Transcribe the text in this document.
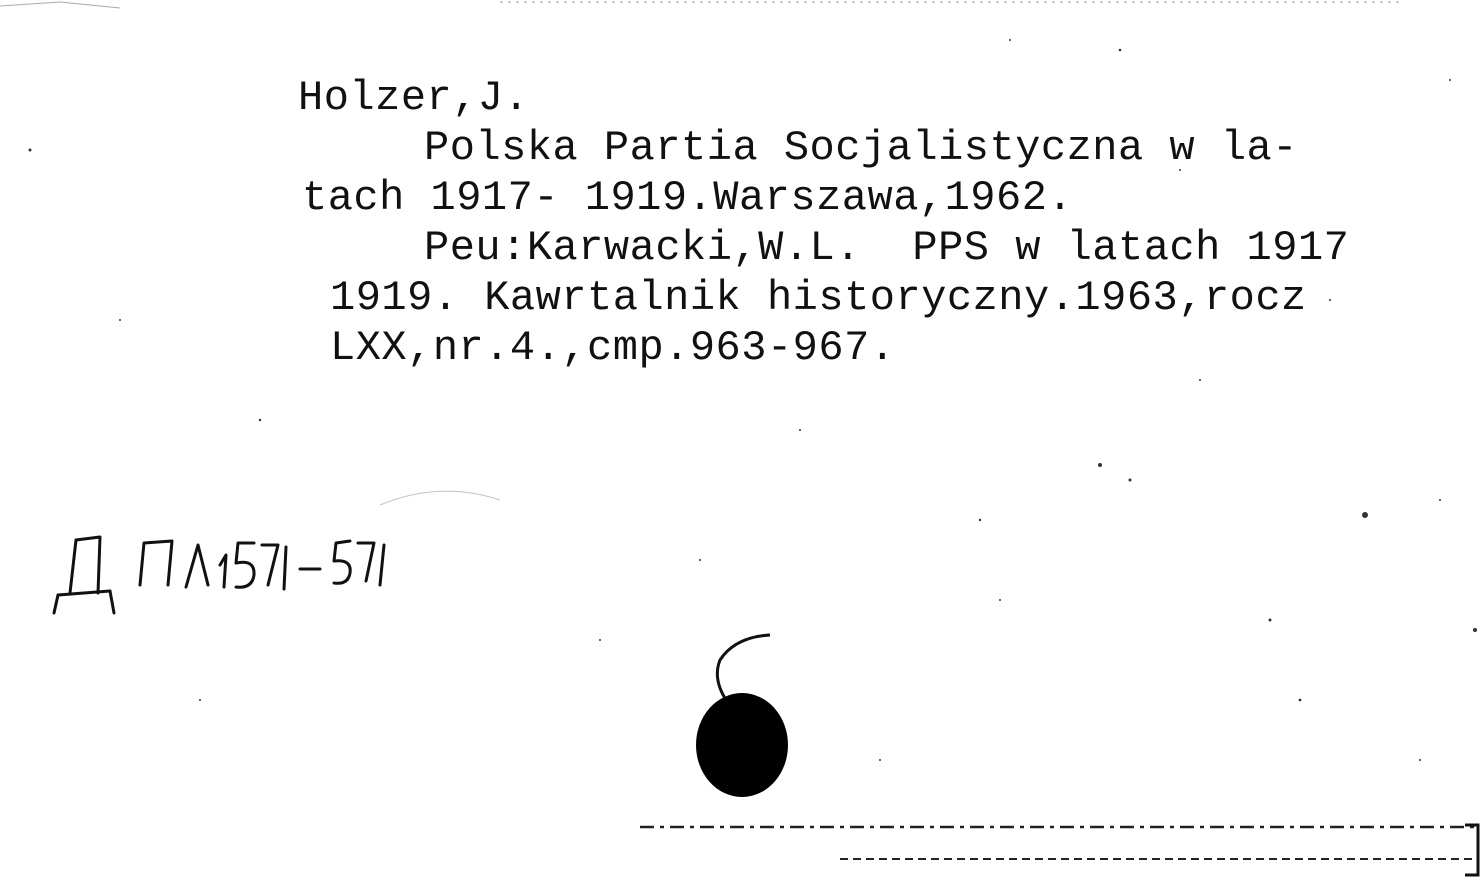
Holzer,J.
Polska Partia Socjalistyczna w la-
tach 1917- 1919.Warszawa,1962.
Peu:Karwacki,W.L.  PPS w latach 1917
1919. Kawrtalnik historyczny.1963,rocz
LXX,nr.4.,cmp.963-967.
